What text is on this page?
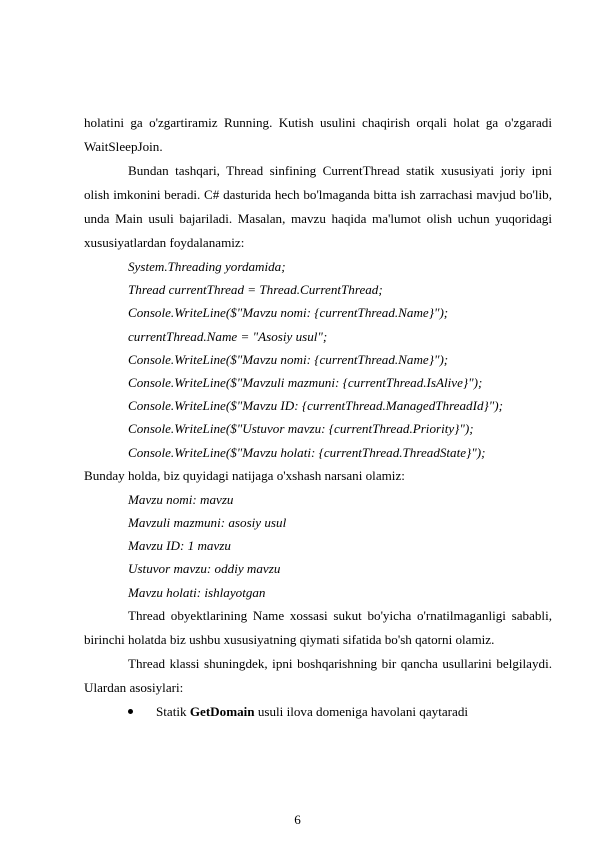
holatini ga o'zgartiramiz Running. Kutish usulini chaqirish orqali holat ga o'zgaradi

WaitSleepJoin.

Bundan tashqari, Thread sinfining CurrentThread statik xususiyati joriy ipni olish imkonini beradi. C# dasturida hech bo'lmaganda bitta ish zarrachasi mavjud bo'lib, unda Main usuli bajariladi. Masalan, mavzu haqida ma'lumot olish uchun yuqoridagi xususiyatlardan foydalanamiz:

System.Threading yordamida;
Thread currentThread = Thread.CurrentThread;
Console.WriteLine($"Mavzu nomi: {currentThread.Name}");
currentThread.Name = "Asosiy usul";
Console.WriteLine($"Mavzu nomi: {currentThread.Name}");
Console.WriteLine($"Mavzuli mazmuni: {currentThread.IsAlive}");
Console.WriteLine($"Mavzu ID: {currentThread.ManagedThreadId}");
Console.WriteLine($"Ustuvor mavzu: {currentThread.Priority}");
Console.WriteLine($"Mavzu holati: {currentThread.ThreadState}");

Bunday holda, biz quyidagi natijaga o'xshash narsani olamiz:

Mavzu nomi: mavzu
Mavzuli mazmuni: asosiy usul
Mavzu ID: 1 mavzu
Ustuvor mavzu: oddiy mavzu
Mavzu holati: ishlayotgan

Thread obyektlarining Name xossasi sukut bo'yicha o'rnatilmaganligi sababli, birinchi holatda biz ushbu xususiyatning qiymati sifatida bo'sh qatorni olamiz.

Thread klassi shuningdek, ipni boshqarishning bir qancha usullarini belgilaydi. Ulardan asosiylari:

Statik GetDomain usuli ilova domeniga havolani qaytaradi
6
